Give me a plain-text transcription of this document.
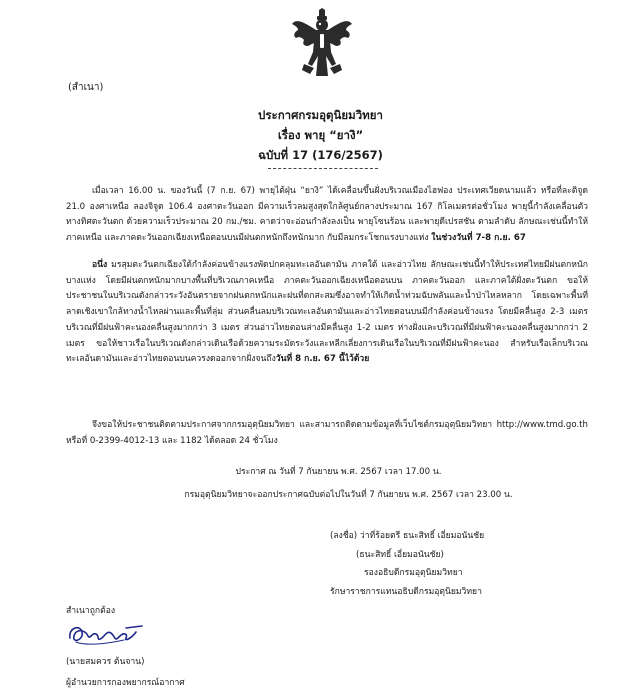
(สำเนา)
ประกาศกรมอุตุนิยมวิทยา
เรื่อง พายุ “ยางิ”
ฉบับที่ 17 (176/2567)
เมื่อเวลา 16.00 น. ของวันนี้ (7 ก.ย. 67) พายุไต้ฝุ่น “ยางิ” ได้เคลื่อนขึ้นฝั่งบริเวณเมืองไฮฟอง ประเทศเวียดนามแล้ว หรือที่ละติจูด 21.0 องศาเหนือ ลองจิจูด 106.4 องศาตะวันออก มีความเร็วลมสูงสุดใกล้ศูนย์กลางประมาณ 167 กิโลเมตรต่อชั่วโมง พายุนี้กำลังเคลื่อนตัวทางทิศตะวันตก ด้วยความเร็วประมาณ 20 กม./ชม. คาดว่าจะอ่อนกำลังลงเป็น พายุโซนร้อน และพายุดีเปรสชัน ตามลำดับ ลักษณะเช่นนี้ทำให้ภาคเหนือ และภาคตะวันออกเฉียงเหนือตอนบนมีฝนตกหนักถึงหนักมาก กับมีลมกระโชกแรงบางแห่ง ในช่วงวันที่ 7-8 ก.ย. 67
อนึ่ง มรสุมตะวันตกเฉียงใต้กำลังค่อนข้างแรงพัดปกคลุมทะเลอันดามัน ภาคใต้ และอ่าวไทย ลักษณะเช่นนี้ทำให้ประเทศไทยมีฝนตกหนักบางแห่ง โดยมีฝนตกหนักมากบางพื้นที่บริเวณภาคเหนือ ภาคตะวันออกเฉียงเหนือตอนบน ภาคตะวันออก และภาคใต้ฝั่งตะวันตก ขอให้ประชาชนในบริเวณดังกล่าวระวังอันตรายจากฝนตกหนักและฝนที่ตกสะสมซึ่งอาจทำให้เกิดน้ำท่วมฉับพลันและน้ำป่าไหลหลาก โดยเฉพาะพื้นที่ลาดเชิงเขาใกล้ทางน้ำไหลผ่านและพื้นที่ลุ่ม ส่วนคลื่นลมบริเวณทะเลอันดามันและอ่าวไทยตอนบนมีกำลังค่อนข้างแรง โดยมีคลื่นสูง 2-3 เมตร บริเวณที่มีฝนฟ้าคะนองคลื่นสูงมากกว่า 3 เมตร ส่วนอ่าวไทยตอนล่างมีคลื่นสูง 1-2 เมตร ห่างฝั่งและบริเวณที่มีฝนฟ้าคะนองคลื่นสูงมากกว่า 2 เมตร ขอให้ชาวเรือในบริเวณดังกล่าวเดินเรือด้วยความระมัดระวังและหลีกเลี่ยงการเดินเรือในบริเวณที่มีฝนฟ้าคะนอง สำหรับเรือเล็กบริเวณทะเลอันดามันและอ่าวไทยตอนบนควรงดออกจากฝั่งจนถึงวันที่ 8 ก.ย. 67 นี้ไว้ด้วย
จึงขอให้ประชาชนติดตามประกาศจากกรมอุตุนิยมวิทยา และสามารถติดตามข้อมูลที่เว็บไซต์กรมอุตุนิยมวิทยา http://www.tmd.go.th หรือที่ 0-2399-4012-13 และ 1182 ได้ตลอด 24 ชั่วโมง
ประกาศ ณ วันที่ 7 กันยายน พ.ศ. 2567 เวลา 17.00 น.
กรมอุตุนิยมวิทยาจะออกประกาศฉบับต่อไปในวันที่ 7 กันยายน พ.ศ. 2567 เวลา 23.00 น.
(ลงชื่อ) ว่าที่ร้อยตรี ธนะสิทธิ์ เอี่ยมอนันชัย
(ธนะสิทธิ์ เอี่ยมอนันชัย)
รองอธิบดีกรมอุตุนิยมวิทยา
รักษาราชการแทนอธิบดีกรมอุตุนิยมวิทยา
สำเนาถูกต้อง
(นายสมควร ต้นจาน)
ผู้อำนวยการกองพยากรณ์อากาศ
